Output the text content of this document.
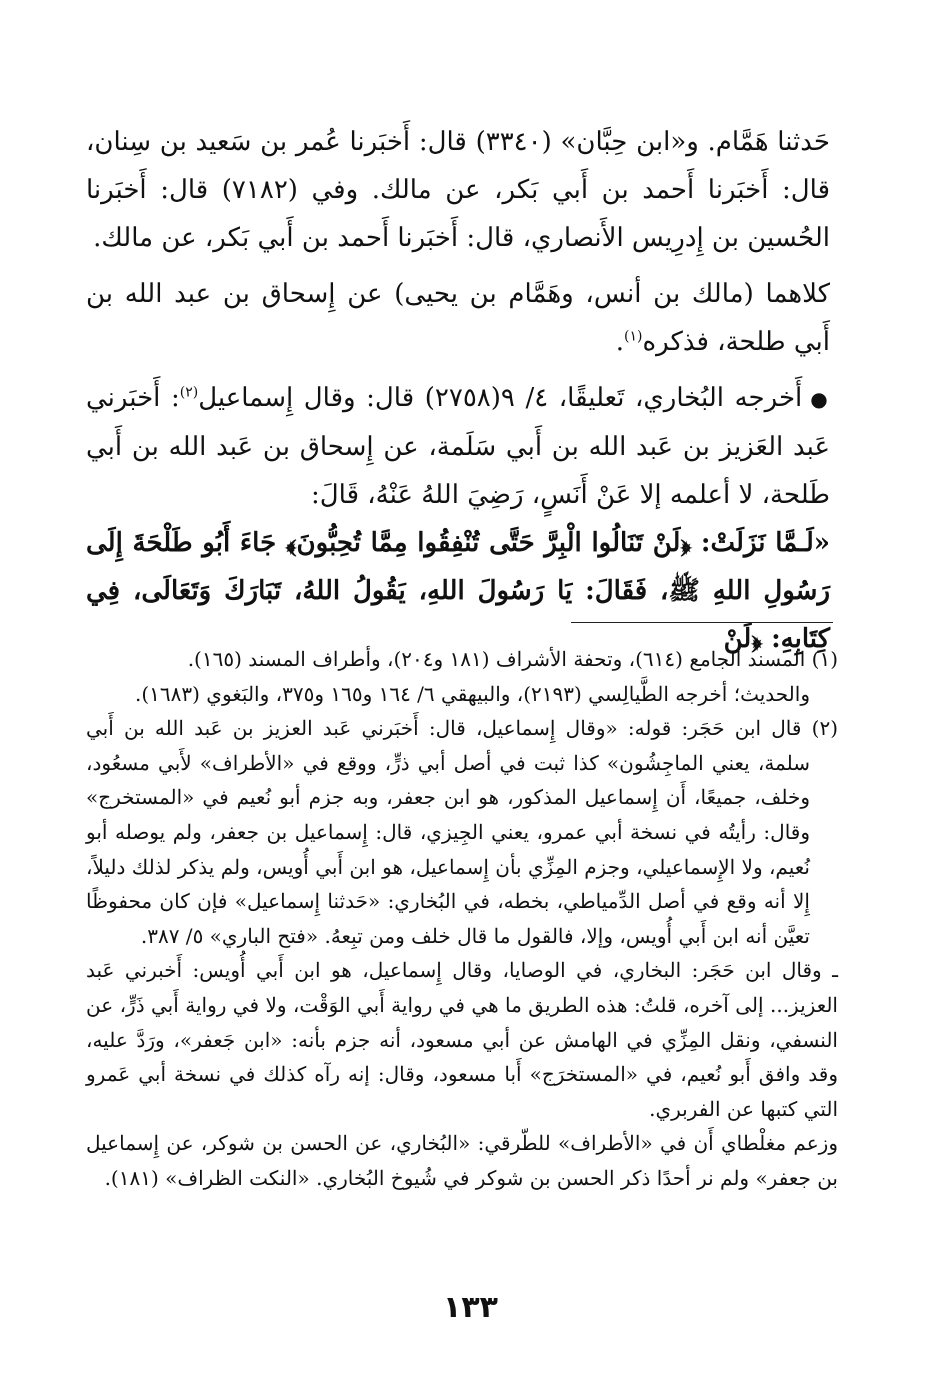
حَدثنا هَمَّام. و«ابن حِبَّان» (٣٣٤٠) قال: أَخبَرنا عُمر بن سَعيد بن سِنان، قال: أَخبَرنا أَحمد بن أَبي بَكر، عن مالك. وفي (٧١٨٢) قال: أَخبَرنا الحُسين بن إِدرِيس الأَنصاري، قال: أَخبَرنا أَحمد بن أَبي بَكر، عن مالك.

كلاهما (مالك بن أنس، وهَمَّام بن يحيى) عن إِسحاق بن عبد الله بن أَبي طلحة، فذكره$^{(١)}$.

●أَخرجه البُخاري، تَعليقًا، ٤/ ٩(٢٧٥٨) قال: وقال إِسماعيل$^{(٢)}$: أَخبَرني عَبد العَزيز بن عَبد الله بن أَبي سَلَمة، عن إِسحاق بن عَبد الله بن أَبي طَلحة، لا أعلمه إلا عَنْ أَنَسٍ، رَضِيَ اللهُ عَنْهُ، قَالَ:

«لَـمَّا نَزَلَتْ: ﴿لَنْ تَنَالُوا الْبِرَّ حَتَّى تُنْفِقُوا مِمَّا تُحِبُّونَ﴾ جَاءَ أَبُو طَلْحَةَ إِلَى رَسُولِ اللهِ ﷺ، فَقَالَ: يَا رَسُولَ اللهِ، يَقُولُ اللهُ، تَبَارَكَ وَتَعَالَى، فِي كِتَابِهِ: ﴿لَنْ

(١) المسند الجامع (٦١٤)، وتحفة الأشراف (١٨١ و٢٠٤)، وأطراف المسند (١٦٥).

والحديث؛ أخرجه الطَّيالِسي (٢١٩٣)، والبيهقي ٦/ ١٦٤ و١٦٥ و٣٧٥، والبَغوي (١٦٨٣).

(٢) قال ابن حَجَر: قوله: «وقال إِسماعيل، قال: أَخبَرني عَبد العزيز بن عَبد الله بن أَبي سلمة، يعني الماجِشُون» كذا ثبت في أصل أبي ذرٍّ، ووقع في «الأطراف» لأَبي مسعُود، وخلف، جميعًا، أَن إِسماعيل المذكور، هو ابن جعفر، وبه جزم أبو نُعيم في «المستخرج» وقال: رأيتُه في نسخة أبي عمرو، يعني الجِيزي، قال: إِسماعيل بن جعفر، ولم يوصله أبو نُعيم، ولا الإِسماعيلي، وجزم المِزِّي بأن إِسماعيل، هو ابن أَبي أُويس، ولم يذكر لذلك دليلاً، إِلا أنه وقع في أصل الدِّمياطي، بخطه، في البُخاري: «حَدثنا إِسماعيل» فإن كان محفوظًا تعيَّن أنه ابن أَبي أُويس، وإلا، فالقول ما قال خلف ومن تبِعهُ. «فتح الباري» ٥/ ٣٨٧.

ـ وقال ابن حَجَر: البخاري، في الوصايا، وقال إِسماعيل، هو ابن أَبي أُويس: أَخبرني عَبد العزيز... إلى آخره، قلتُ: هذه الطريق ما هي في رواية أَبي الوَقْت، ولا في رواية أَبي ذَرٍّ، عن النسفي، ونقل المِزِّي في الهامش عن أبي مسعود، أنه جزم بأنه: «ابن جَعفر»، ورَدَّ عليه، وقد وافق أَبو نُعيم، في «المستخرَج» أَبا مسعود، وقال: إنه رآه كذلك في نسخة أبي عَمرو التي كتبها عن الفربري.

وزعم مغلْطاي أَن في «الأطراف» للطّرقي: «البُخاري، عن الحسن بن شوكر، عن إِسماعيل بن جعفر» ولم نر أحدًا ذكر الحسن بن شوكر في شُيوخ البُخاري. «النكت الظراف» (١٨١).

١٣٣
